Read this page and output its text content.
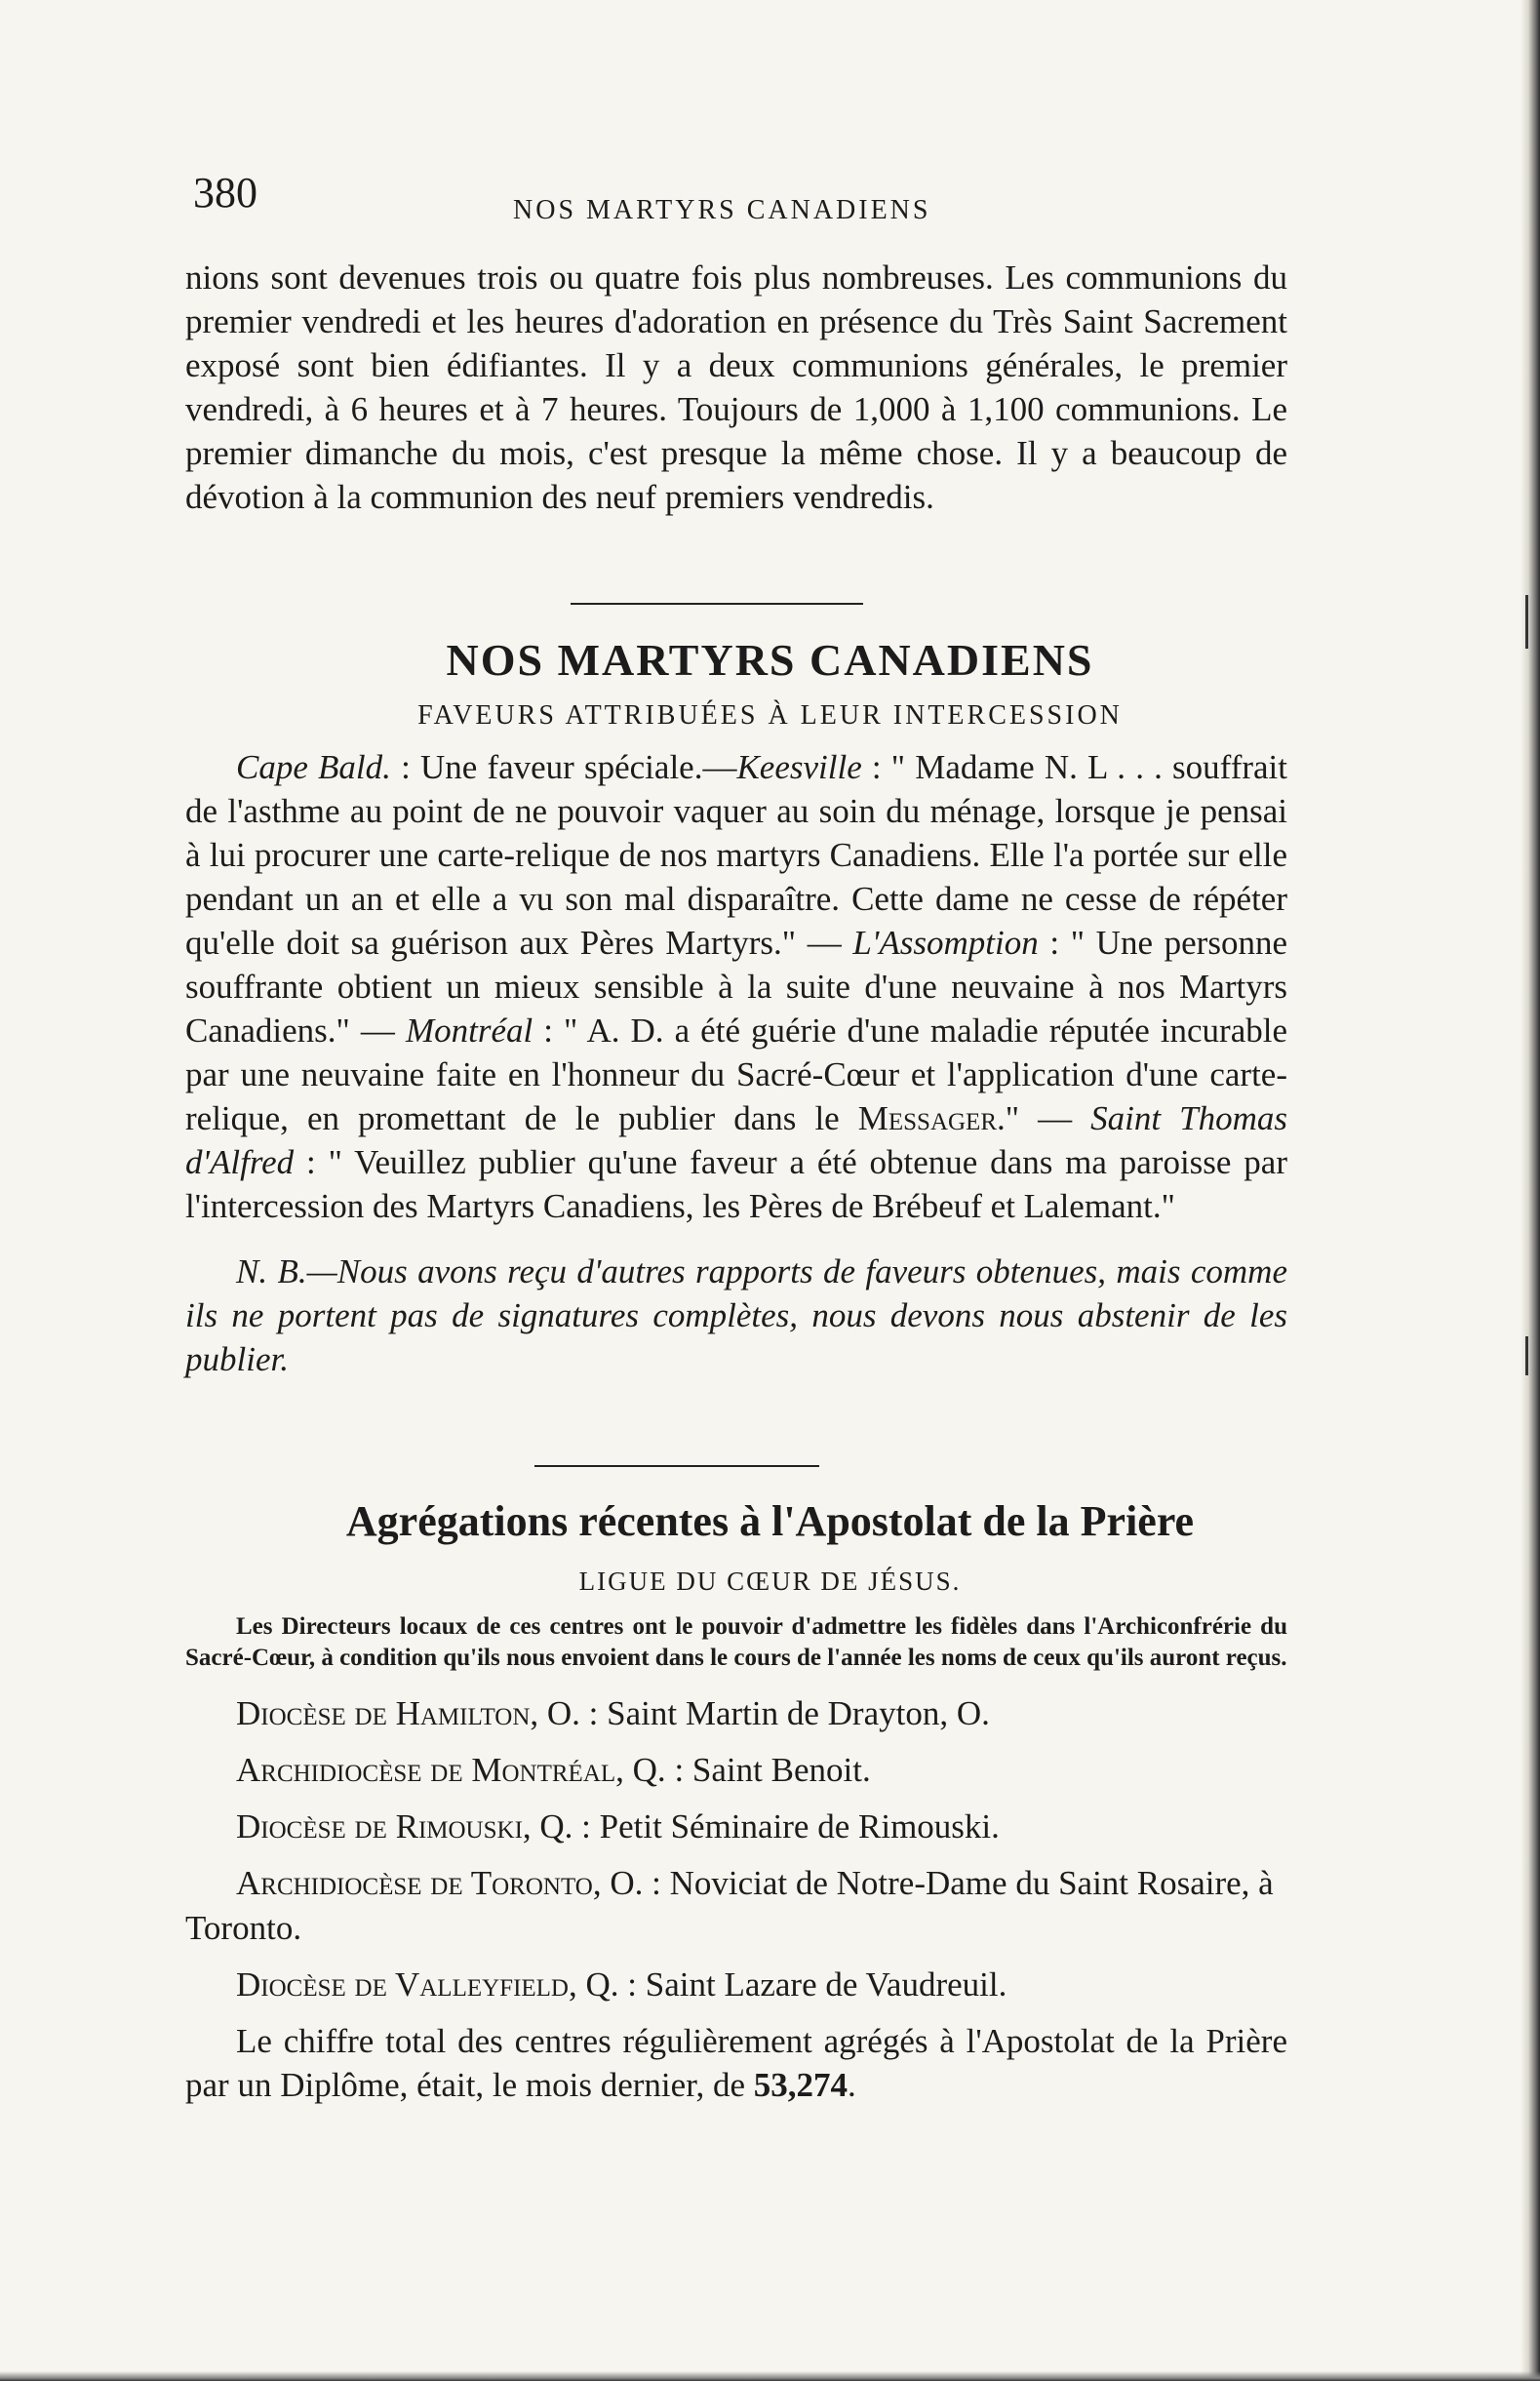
380	NOS MARTYRS CANADIENS

nions sont devenues trois ou quatre fois plus nombreuses. Les communions du premier vendredi et les heures d'adoration en présence du Très Saint Sacrement exposé sont bien édifiantes. Il y a deux communions générales, le premier vendredi, à 6 heures et à 7 heures. Toujours de 1,000 à 1,100 communions. Le premier dimanche du mois, c'est presque la même chose. Il y a beaucoup de dévotion à la communion des neuf premiers vendredis.

NOS MARTYRS CANADIENS
FAVEURS ATTRIBUÉES À LEUR INTERCESSION

Cape Bald. : Une faveur spéciale.—Keesville : " Madame N. L . . . souffrait de l'asthme au point de ne pouvoir vaquer au soin du ménage, lorsque je pensai à lui procurer une carte-relique de nos martyrs Canadiens. Elle l'a portée sur elle pendant un an et elle a vu son mal disparaître. Cette dame ne cesse de répéter qu'elle doit sa guérison aux Pères Martyrs." — L'Assomption : " Une personne souffrante obtient un mieux sensible à la suite d'une neuvaine à nos Martyrs Canadiens." — Montréal : " A. D. a été guérie d'une maladie réputée incurable par une neuvaine faite en l'honneur du Sacré-Cœur et l'application d'une carte-relique, en promettant de le publier dans le Messager." — Saint Thomas d'Alfred : " Veuillez publier qu'une faveur a été obtenue dans ma paroisse par l'intercession des Martyrs Canadiens, les Pères de Brébeuf et Lalemant."

N. B.—Nous avons reçu d'autres rapports de faveurs obtenues, mais comme ils ne portent pas de signatures complètes, nous devons nous abstenir de les publier.

Agrégations récentes à l'Apostolat de la Prière
LIGUE DU CŒUR DE JÉSUS.

Les Directeurs locaux de ces centres ont le pouvoir d'admettre les fidèles dans l'Archiconfrérie du Sacré-Cœur, à condition qu'ils nous envoient dans le cours de l'année les noms de ceux qu'ils auront reçus.

Diocèse de Hamilton, O. : Saint Martin de Drayton, O.

Archidiocèse de Montréal, Q. : Saint Benoit.

Diocèse de Rimouski, Q. : Petit Séminaire de Rimouski.

Archidiocèse de Toronto, O. : Noviciat de Notre-Dame du Saint Rosaire, à Toronto.

Diocèse de Valleyfield, Q. : Saint Lazare de Vaudreuil.

Le chiffre total des centres régulièrement agrégés à l'Apostolat de la Prière par un Diplôme, était, le mois dernier, de 53,274.
